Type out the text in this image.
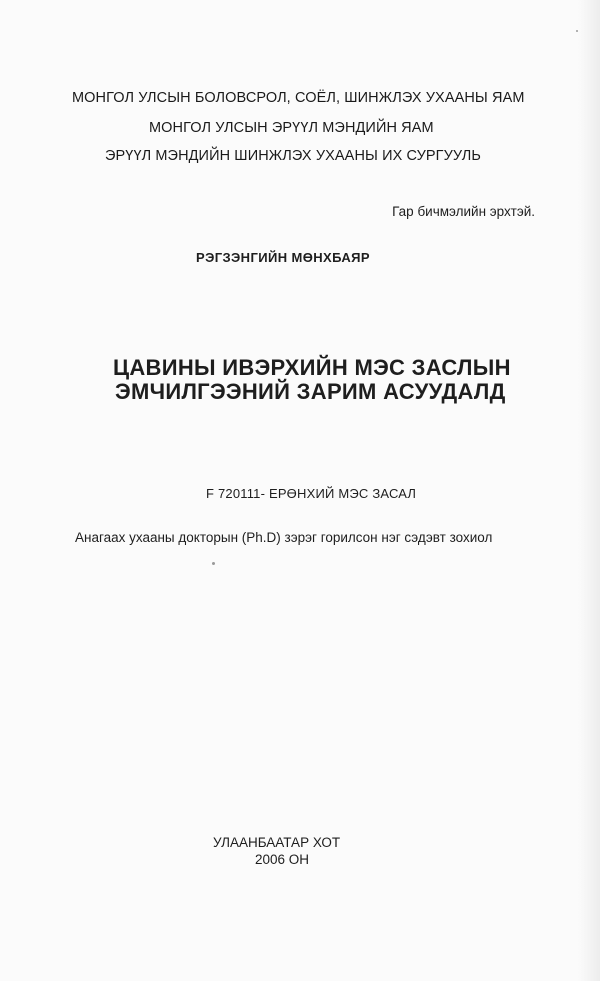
МОНГОЛ УЛСЫН БОЛОВСРОЛ, СОЁЛ, ШИНЖЛЭХ УХААНЫ ЯАМ

МОНГОЛ УЛСЫН ЭРҮҮЛ МЭНДИЙН ЯАМ

ЭРҮҮЛ МЭНДИЙН ШИНЖЛЭХ УХААНЫ ИХ СУРГУУЛЬ

Гар бичмэлийн эрхтэй.

РЭГЗЭНГИЙН МӨНХБАЯР

ЦАВИНЫ ИВЭРХИЙН МЭС ЗАСЛЫН
ЭМЧИЛГЭЭНИЙ ЗАРИМ АСУУДАЛД

F 720111- ЕРӨНХИЙ МЭС ЗАСАЛ

Анагаах ухааны докторын (Ph.D) зэрэг горилсон нэг сэдэвт зохиол

УЛААНБААТАР ХОТ

2006 ОН
